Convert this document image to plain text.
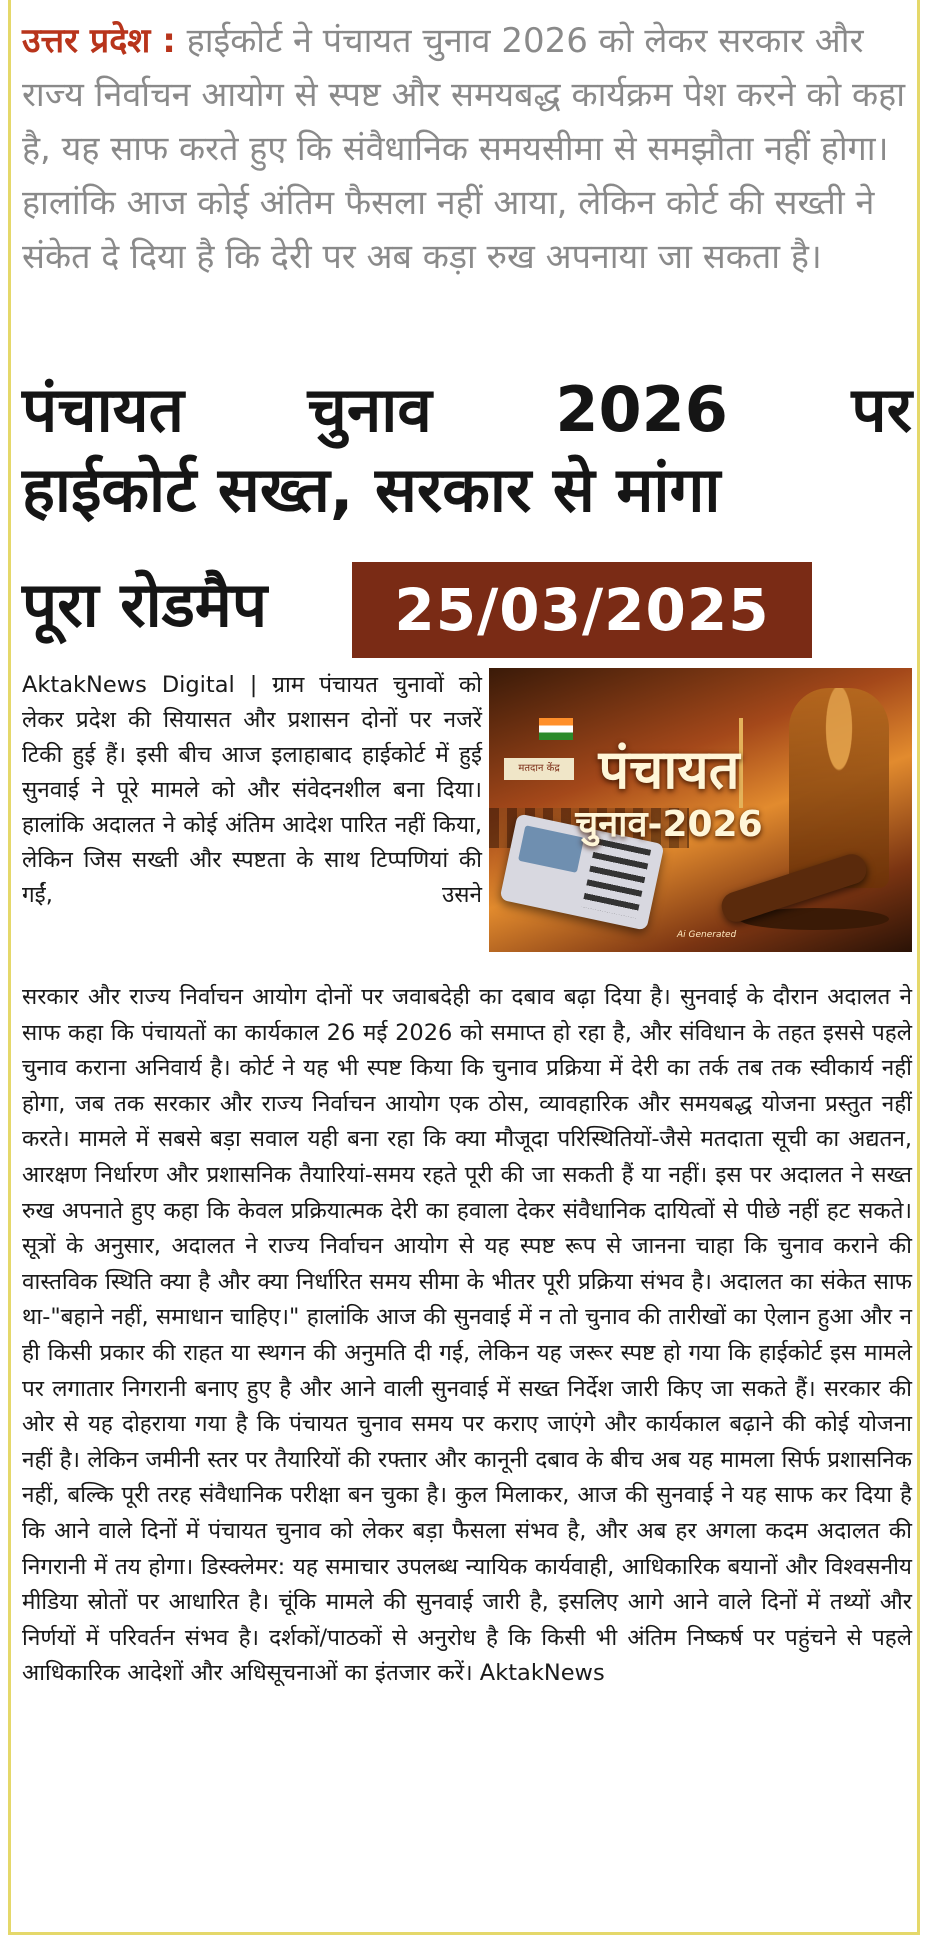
उत्तर प्रदेश : हाईकोर्ट ने पंचायत चुनाव 2026 को लेकर सरकार और राज्य निर्वाचन आयोग से स्पष्ट और समयबद्ध कार्यक्रम पेश करने को कहा है, यह साफ करते हुए कि संवैधानिक समयसीमा से समझौता नहीं होगा। हालांकि आज कोई अंतिम फैसला नहीं आया, लेकिन कोर्ट की सख्ती ने संकेत दे दिया है कि देरी पर अब कड़ा रुख अपनाया जा सकता है।
पंचायत चुनाव 2026 पर
हाईकोर्ट सख्त, सरकार से मांगा
पूरा रोडमैप	25/03/2025
AktakNews Digital | ग्राम पंचायत चुनावों को लेकर प्रदेश की सियासत और प्रशासन दोनों पर नजरें टिकी हुई हैं। इसी बीच आज इलाहाबाद हाईकोर्ट में हुई सुनवाई ने पूरे मामले को और संवेदनशील बना दिया। हालांकि अदालत ने कोई अंतिम आदेश पारित नहीं किया, लेकिन जिस सख्ती और स्पष्टता के साथ टिप्पणियां की गईं, उसने
मतदान केंद्र पंचायत
चुनाव-2026
Ai Generated
सरकार और राज्य निर्वाचन आयोग दोनों पर जवाबदेही का दबाव बढ़ा दिया है। सुनवाई के दौरान अदालत ने साफ कहा कि पंचायतों का कार्यकाल 26 मई 2026 को समाप्त हो रहा है, और संविधान के तहत इससे पहले चुनाव कराना अनिवार्य है। कोर्ट ने यह भी स्पष्ट किया कि चुनाव प्रक्रिया में देरी का तर्क तब तक स्वीकार्य नहीं होगा, जब तक सरकार और राज्य निर्वाचन आयोग एक ठोस, व्यावहारिक और समयबद्ध योजना प्रस्तुत नहीं करते। मामले में सबसे बड़ा सवाल यही बना रहा कि क्या मौजूदा परिस्थितियों-जैसे मतदाता सूची का अद्यतन, आरक्षण निर्धारण और प्रशासनिक तैयारियां-समय रहते पूरी की जा सकती हैं या नहीं। इस पर अदालत ने सख्त रुख अपनाते हुए कहा कि केवल प्रक्रियात्मक देरी का हवाला देकर संवैधानिक दायित्वों से पीछे नहीं हट सकते। सूत्रों के अनुसार, अदालत ने राज्य निर्वाचन आयोग से यह स्पष्ट रूप से जानना चाहा कि चुनाव कराने की वास्तविक स्थिति क्या है और क्या निर्धारित समय सीमा के भीतर पूरी प्रक्रिया संभव है। अदालत का संकेत साफ था-"बहाने नहीं, समाधान चाहिए।" हालांकि आज की सुनवाई में न तो चुनाव की तारीखों का ऐलान हुआ और न ही किसी प्रकार की राहत या स्थगन की अनुमति दी गई, लेकिन यह जरूर स्पष्ट हो गया कि हाईकोर्ट इस मामले पर लगातार निगरानी बनाए हुए है और आने वाली सुनवाई में सख्त निर्देश जारी किए जा सकते हैं। सरकार की ओर से यह दोहराया गया है कि पंचायत चुनाव समय पर कराए जाएंगे और कार्यकाल बढ़ाने की कोई योजना नहीं है। लेकिन जमीनी स्तर पर तैयारियों की रफ्तार और कानूनी दबाव के बीच अब यह मामला सिर्फ प्रशासनिक नहीं, बल्कि पूरी तरह संवैधानिक परीक्षा बन चुका है। कुल मिलाकर, आज की सुनवाई ने यह साफ कर दिया है कि आने वाले दिनों में पंचायत चुनाव को लेकर बड़ा फैसला संभव है, और अब हर अगला कदम अदालत की निगरानी में तय होगा। डिस्क्लेमर: यह समाचार उपलब्ध न्यायिक कार्यवाही, आधिकारिक बयानों और विश्वसनीय मीडिया स्रोतों पर आधारित है। चूंकि मामले की सुनवाई जारी है, इसलिए आगे आने वाले दिनों में तथ्यों और निर्णयों में परिवर्तन संभव है। दर्शकों/पाठकों से अनुरोध है कि किसी भी अंतिम निष्कर्ष पर पहुंचने से पहले आधिकारिक आदेशों और अधिसूचनाओं का इंतजार करें। AktakNews
